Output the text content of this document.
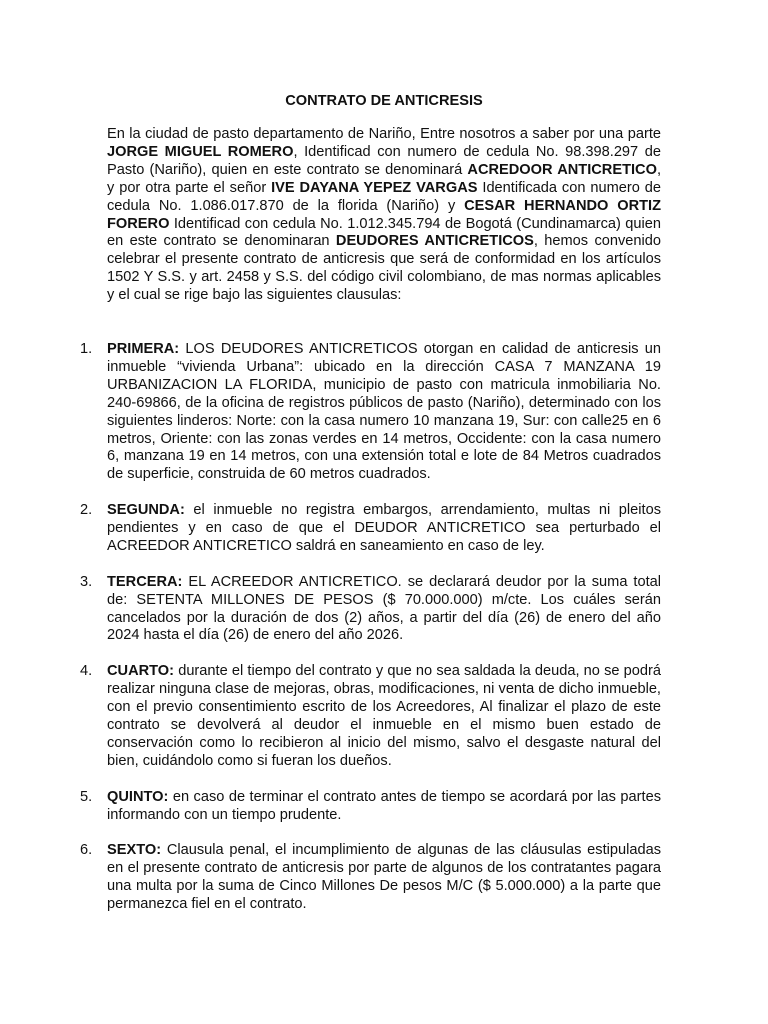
CONTRATO DE ANTICRESIS

En la ciudad de pasto departamento de Nariño, Entre nosotros a saber por una parte JORGE MIGUEL ROMERO, Identificad con numero de cedula No. 98.398.297 de Pasto (Nariño), quien en este contrato se denominará ACREDOOR ANTICRETICO, y por otra parte el señor IVE DAYANA YEPEZ VARGAS Identificada con numero de cedula No. 1.086.017.870 de la florida (Nariño) y CESAR HERNANDO ORTIZ FORERO Identificad con cedula No. 1.012.345.794 de Bogotá (Cundinamarca) quien en este contrato se denominaran DEUDORES ANTICRETICOS, hemos convenido celebrar el presente contrato de anticresis que será de conformidad en los artículos 1502 Y S.S. y art. 2458 y S.S. del código civil colombiano, de mas normas aplicables y el cual se rige bajo las siguientes clausulas:

1. PRIMERA: LOS DEUDORES ANTICRETICOS otorgan en calidad de anticresis un inmueble “vivienda Urbana”: ubicado en la dirección CASA 7 MANZANA 19 URBANIZACION LA FLORIDA, municipio de pasto con matricula inmobiliaria No. 240-69866, de la oficina de registros públicos de pasto (Nariño), determinado con los siguientes linderos: Norte: con la casa numero 10 manzana 19, Sur: con calle25 en 6 metros, Oriente: con las zonas verdes en 14 metros, Occidente: con la casa numero 6, manzana 19 en 14 metros, con una extensión total e lote de 84 Metros cuadrados de superficie, construida de 60 metros cuadrados.
2. SEGUNDA: el inmueble no registra embargos, arrendamiento, multas ni pleitos pendientes y en caso de que el DEUDOR ANTICRETICO sea perturbado el ACREEDOR ANTICRETICO saldrá en saneamiento en caso de ley.
3. TERCERA: EL ACREEDOR ANTICRETICO. se declarará deudor por la suma total de: SETENTA MILLONES DE PESOS ($ 70.000.000) m/cte. Los cuáles serán cancelados por la duración de dos (2) años, a partir del día (26) de enero del año 2024 hasta el día (26) de enero del año 2026.
4. CUARTO: durante el tiempo del contrato y que no sea saldada la deuda, no se podrá realizar ninguna clase de mejoras, obras, modificaciones, ni venta de dicho inmueble, con el previo consentimiento escrito de los Acreedores, Al finalizar el plazo de este contrato se devolverá al deudor el inmueble en el mismo buen estado de conservación como lo recibieron al inicio del mismo, salvo el desgaste natural del bien, cuidándolo como si fueran los dueños.
5. QUINTO: en caso de terminar el contrato antes de tiempo se acordará por las partes informando con un tiempo prudente.
6. SEXTO: Clausula penal, el incumplimiento de algunas de las cláusulas estipuladas en el presente contrato de anticresis por parte de algunos de los contratantes pagara una multa por la suma de Cinco Millones De pesos M/C ($ 5.000.000) a la parte que permanezca fiel en el contrato.
